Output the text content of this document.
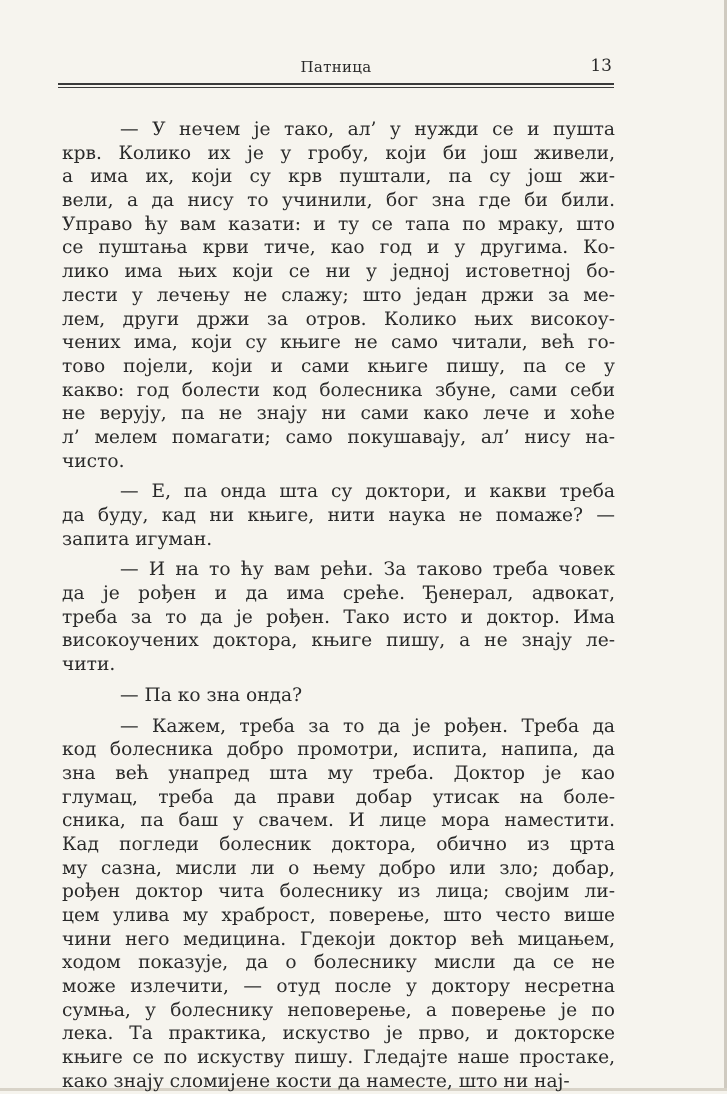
Патница	13
— У нечем је тако, ал’ у нужди се и пушта
крв. Колико их је у гробу, који би још живели,
а има их, који су крв пуштали, па су још жи-
вели, а да нису то учинили, бог зна где би били.
Управо ћу вам казати: и ту се тапа по мраку, што
се пуштања крви тиче, као год и у другима. Ко-
лико има њих који се ни у једној истоветној бо-
лести у лечењу не слажу; што један држи за ме-
лем, други држи за отров. Колико њих високоу-
чених има, који су књиге не само читали, већ го-
тово појели, који и сами књиге пишу, па се у
какво: год болести код болесника збуне, сами себи
не верују, па не знају ни сами како лече и хоће
л’ мелем помагати; само покушавају, ал’ нису на-
чисто.
— Е, па онда шта су доктори, и какви треба
да буду, кад ни књиге, нити наука не помаже? —
запита игуман.
— И на то ћу вам рећи. За таково треба човек
да је рођен и да има среће. Ђенерал, адвокат,
треба за то да је рођен. Тако исто и доктор. Има
високоучених доктора, књиге пишу, а не знају ле-
чити.
— Па ко зна онда?
— Кажем, треба за то да је рођен. Треба да
код болесника добро промотри, испита, напипа, да
зна већ унапред шта му треба. Доктор је као
глумац, треба да прави добар утисак на боле-
сника, па баш у свачем. И лице мора наместити.
Кад погледи болесник доктора, обично из црта
му сазна, мисли ли о њему добро или зло; добар,
рођен доктор чита болеснику из лица; својим ли-
цем улива му храброст, поверење, што често више
чини него медицина. Гдекоји доктор већ мицањем,
ходом показује, да о болеснику мисли да се не
може излечити, — отуд после у доктору несретна
сумња, у болеснику неповерење, а поверење је по
лека. Та практика, искуство је прво, и докторске
књиге се по искуству пишу. Гледајте наше простаке,
како знају сломијене кости да наместе, што ни нај-
